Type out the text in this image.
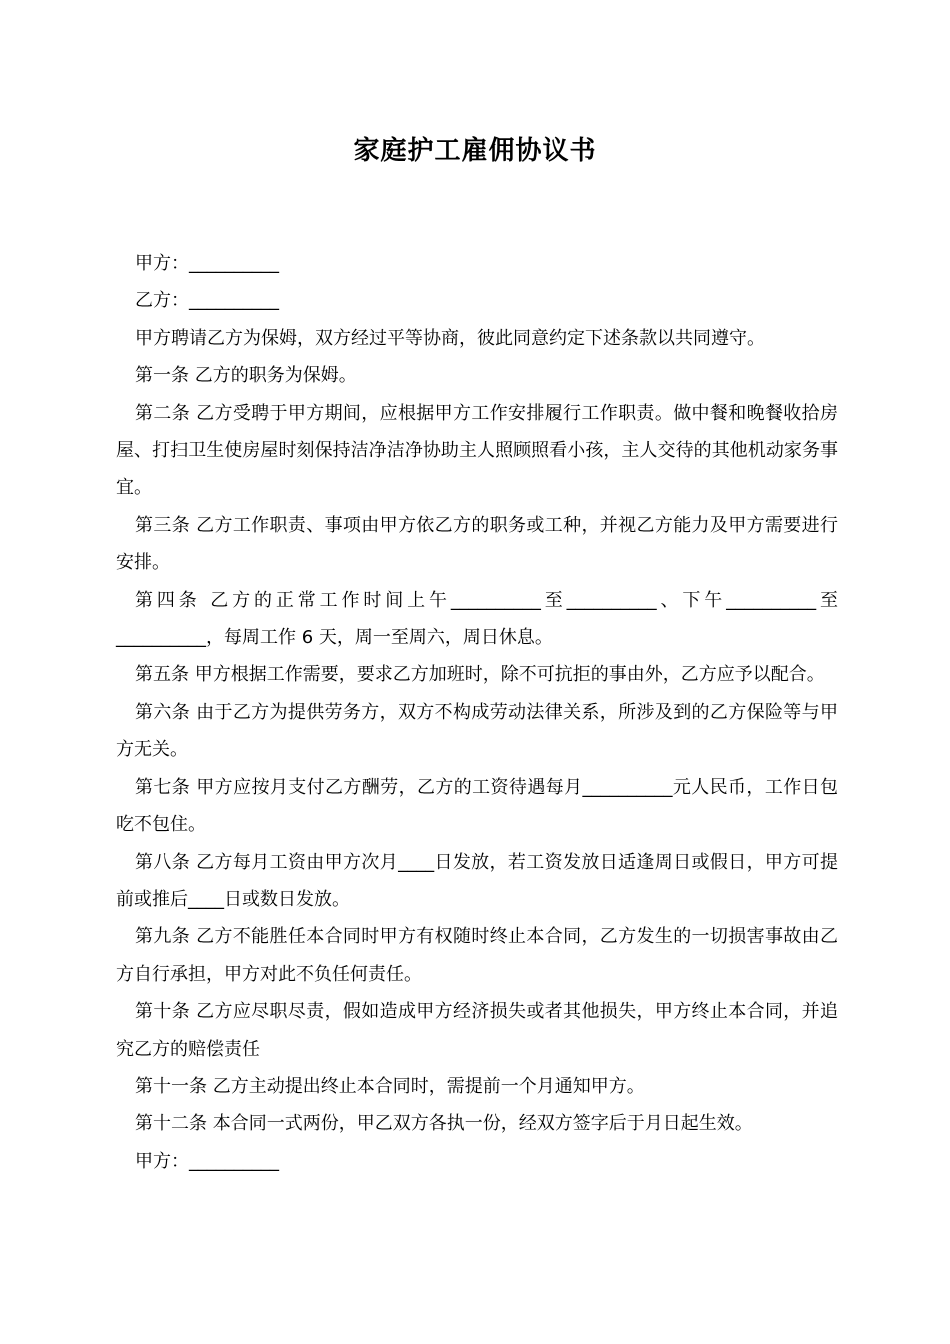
家庭护工雇佣协议书

甲方：__________

乙方：__________

甲方聘请乙方为保姆，双方经过平等协商，彼此同意约定下述条款以共同遵守。

第一条 乙方的职务为保姆。

第二条 乙方受聘于甲方期间，应根据甲方工作安排履行工作职责。做中餐和晚餐收拾房屋、打扫卫生使房屋时刻保持洁净洁净协助主人照顾照看小孩，主人交待的其他机动家务事宜。

第三条 乙方工作职责、事项由甲方依乙方的职务或工种，并视乙方能力及甲方需要进行安排。

第四条 乙方的正常工作时间上午__________至__________、下午__________至__________，每周工作 6 天，周一至周六，周日休息。

第五条 甲方根据工作需要，要求乙方加班时，除不可抗拒的事由外，乙方应予以配合。

第六条 由于乙方为提供劳务方，双方不构成劳动法律关系，所涉及到的乙方保险等与甲方无关。

第七条 甲方应按月支付乙方酬劳，乙方的工资待遇每月__________元人民币，工作日包吃不包住。

第八条 乙方每月工资由甲方次月____日发放，若工资发放日适逢周日或假日，甲方可提前或推后____日或数日发放。

第九条 乙方不能胜任本合同时甲方有权随时终止本合同，乙方发生的一切损害事故由乙方自行承担，甲方对此不负任何责任。

第十条 乙方应尽职尽责，假如造成甲方经济损失或者其他损失，甲方终止本合同，并追究乙方的赔偿责任

第十一条 乙方主动提出终止本合同时，需提前一个月通知甲方。

第十二条 本合同一式两份，甲乙双方各执一份，经双方签字后于月日起生效。

甲方：__________
